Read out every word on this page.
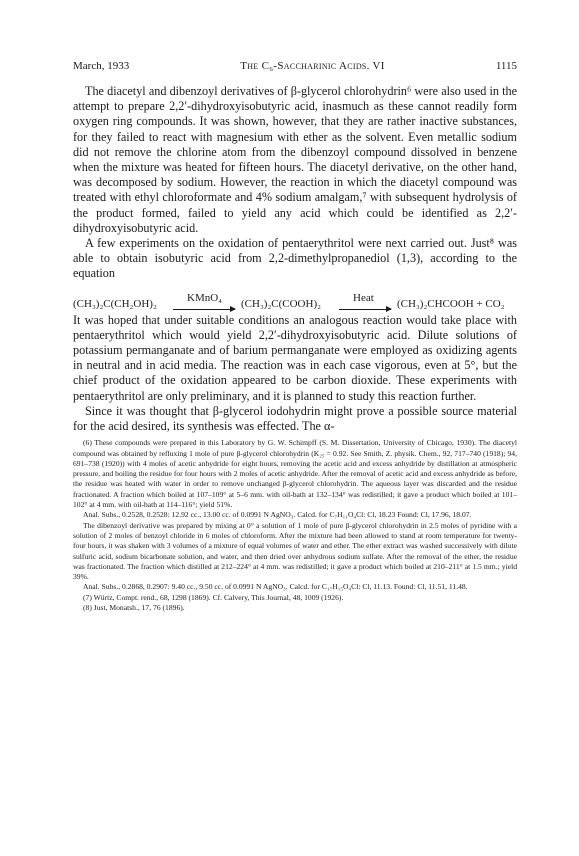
March, 1933	The C₆-Saccharinic Acids. VI	1115

The diacetyl and dibenzoyl derivatives of β-glycerol chlorohydrin⁶ were also used in the attempt to prepare 2,2′-dihydroxyisobutyric acid, inasmuch as these cannot readily form oxygen ring compounds. It was shown, however, that they are rather inactive substances, for they failed to react with magnesium with ether as the solvent. Even metallic sodium did not remove the chlorine atom from the dibenzoyl compound dissolved in benzene when the mixture was heated for fifteen hours. The diacetyl derivative, on the other hand, was decomposed by sodium. However, the reaction in which the diacetyl compound was treated with ethyl chloroformate and 4% sodium amalgam,⁷ with subsequent hydrolysis of the product formed, failed to yield any acid which could be identified as 2,2′-dihydroxyisobutyric acid.

A few experiments on the oxidation of pentaerythritol were next carried out. Just⁸ was able to obtain isobutyric acid from 2,2-dimethylpropanediol (1,3), according to the equation

(CH₃)₂C(CH₂OH)₂	KMnO₄ (CH₃)₂C(COOH)₂	Heat (CH₃)₂CHCOOH + CO₂

It was hoped that under suitable conditions an analogous reaction would take place with pentaerythritol which would yield 2,2′-dihydroxyisobutyric acid. Dilute solutions of potassium permanganate and of barium permanganate were employed as oxidizing agents in neutral and in acid media. The reaction was in each case vigorous, even at 5°, but the chief product of the oxidation appeared to be carbon dioxide. These experiments with pentaerythritol are only preliminary, and it is planned to study this reaction further.

Since it was thought that β-glycerol iodohydrin might prove a possible source material for the acid desired, its synthesis was effected. The α-

(6) These compounds were prepared in this Laboratory by G. W. Schimpff (S. M. Dissertation, University of Chicago, 1930). The diacetyl compound was obtained by refluxing 1 mole of pure β-glycerol chlorohydrin (K₂₅ = 0.92. See Smith, Z. physik. Chem., 92, 717–740 (1918); 94, 691–738 (1920)) with 4 moles of acetic anhydride for eight hours, removing the acetic acid and excess anhydride by distillation at atmospheric pressure, and boiling the residue for four hours with 2 moles of acetic anhydride. After the removal of acetic acid and excess anhydride as before, the residue was heated with water in order to remove unchanged β-glycerol chlorohydrin. The aqueous layer was discarded and the residue fractionated. A fraction which boiled at 107–109° at 5–6 mm. with oil-bath at 132–134° was redistilled; it gave a product which boiled at 101–102° at 4 mm. with oil-bath at 114–116°; yield 51%.

Anal. Subs., 0.2528, 0.2528: 12.92 cc., 13.00 cc. of 0.0991 N AgNO₃. Calcd. for C₇H₁₁O₄Cl: Cl, 18.23 Found: Cl, 17.96, 18.07.

The dibenzoyl derivative was prepared by mixing at 0° a solution of 1 mole of pure β-glycerol chlorohydrin in 2.5 moles of pyridine with a solution of 2 moles of benzoyl chloride in 6 moles of chloroform. After the mixture had been allowed to stand at room temperature for twenty-four hours, it was shaken with 3 volumes of a mixture of equal volumes of water and ether. The ether extract was washed successively with dilute sulfuric acid, sodium bicarbonate solution, and water, and then dried over anhydrous sodium sulfate. After the removal of the ether, the residue was fractionated. The fraction which distilled at 212–224° at 4 mm. was redistilled; it gave a product which boiled at 210–211° at 1.5 mm.; yield 39%.

Anal. Subs., 0.2868, 0.2907: 9.40 cc., 9.50 cc. of 0.0991 N AgNO₃. Calcd. for C₁₇H₁₅O₄Cl: Cl, 11.13. Found: Cl, 11.51, 11.48.

(7) Würtz, Compt. rend., 68, 1298 (1869). Cf. Calvery, This Journal, 48, 1009 (1926).

(8) Just, Monatsh., 17, 76 (1896).
